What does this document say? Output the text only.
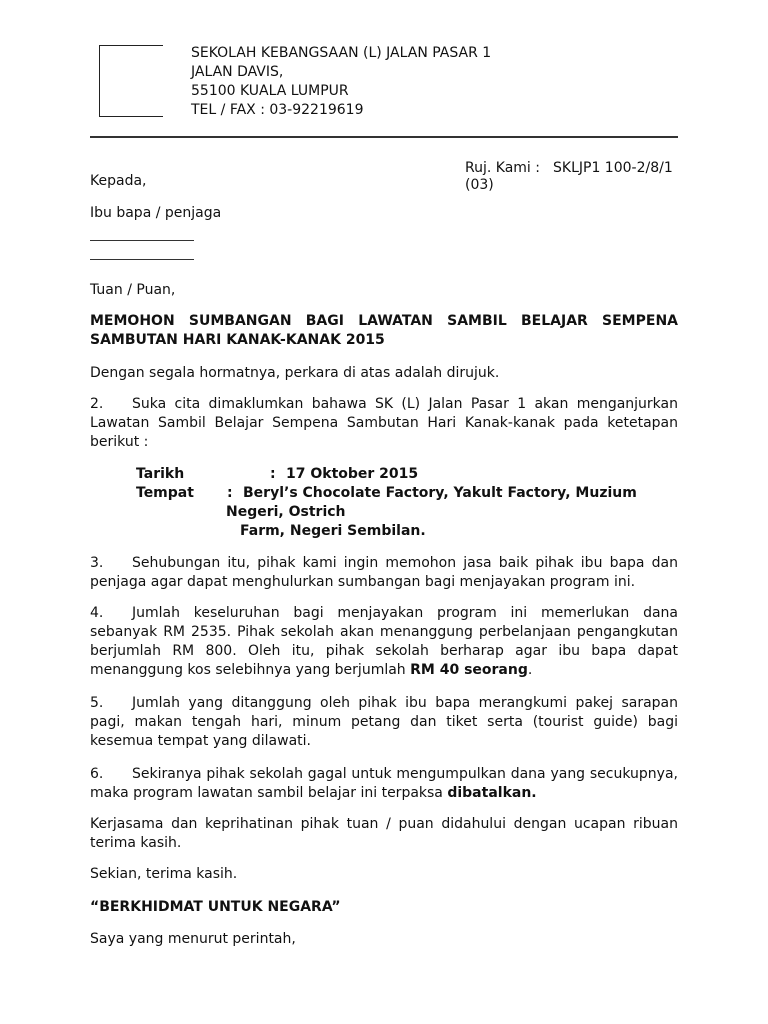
SEKOLAH KEBANGSAAN (L) JALAN PASAR 1
JALAN DAVIS,
55100 KUALA LUMPUR
TEL / FAX : 03-92219619
Ruj. Kami : SKLJP1 100-2/8/1
(03)
Kepada,
Ibu bapa / penjaga
Tuan / Puan,
MEMOHON SUMBANGAN BAGI LAWATAN SAMBIL BELAJAR SEMPENA SAMBUTAN HARI KANAK-KANAK 2015
Dengan segala hormatnya, perkara di atas adalah dirujuk.
2. Suka cita dimaklumkan bahawa SK (L) Jalan Pasar 1 akan menganjurkan Lawatan Sambil Belajar Sempena Sambutan Hari Kanak-kanak pada ketetapan berikut :
Tarikh	: 17 Oktober 2015
Tempat : Beryl’s Chocolate Factory, Yakult Factory, Muzium
Negeri, Ostrich
Farm, Negeri Sembilan.
3. Sehubungan itu, pihak kami ingin memohon jasa baik pihak ibu bapa dan penjaga agar dapat menghulurkan sumbangan bagi menjayakan program ini.
4. Jumlah keseluruhan bagi menjayakan program ini memerlukan dana sebanyak RM 2535. Pihak sekolah akan menanggung perbelanjaan pengangkutan berjumlah RM 800. Oleh itu, pihak sekolah berharap agar ibu bapa dapat menanggung kos selebihnya yang berjumlah RM 40 seorang.
5. Jumlah yang ditanggung oleh pihak ibu bapa merangkumi pakej sarapan pagi, makan tengah hari, minum petang dan tiket serta (tourist guide) bagi kesemua tempat yang dilawati.
6. Sekiranya pihak sekolah gagal untuk mengumpulkan dana yang secukupnya, maka program lawatan sambil belajar ini terpaksa dibatalkan.
Kerjasama dan keprihatinan pihak tuan / puan didahului dengan ucapan ribuan terima kasih.
Sekian, terima kasih.
“BERKHIDMAT UNTUK NEGARA”
Saya yang menurut perintah,
